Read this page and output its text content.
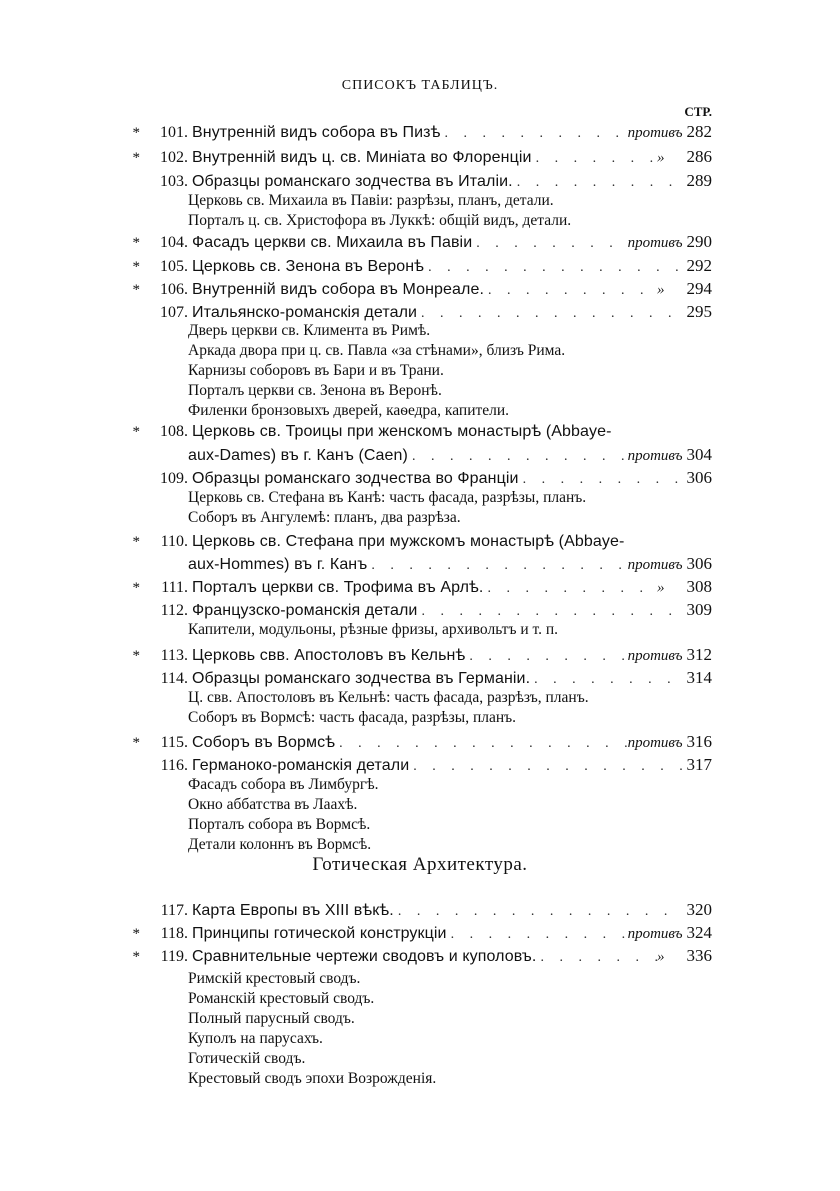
СПИСОКЪ ТАБЛИЦЪ.
СТР.
*	101. Внутренній видъ собора въ Пизѣ . . .	противъ 282
*	102. Внутренній видъ ц. св. Миніата во Флоренціи . . .	» 286
103. Образцы романскаго зодчества въ Италіи. . . .	289
Церковь св. Михаила въ Павіи: разрѣзы, планъ, детали.
Порталъ ц. св. Христофора въ Луккѣ: общій видъ, детали.
*	104. Фасадъ церкви св. Михаила въ Павіи . . .	противъ 290
*	105. Церковь св. Зенона въ Веронѣ . . .	292
*	106. Внутренній видъ собора въ Монреале. . . .	» 294
107. Итальянско-романскія детали . . .	295
Дверь церкви св. Климента въ Римѣ.
Аркада двора при ц. св. Павла «за стѣнами», близъ Рима.
Карнизы соборовъ въ Бари и въ Трани.
Порталъ церкви св. Зенона въ Веронѣ.
Филенки бронзовыхъ дверей, каѳедра, капители.
*	108. Церковь св. Троицы при женскомъ монастырѣ (Abbaye-
aux-Dames) въ г. Канъ (Caen) . . .	противъ 304
109. Образцы романскаго зодчества во Франціи . . .	306
Церковь св. Стефана въ Канѣ: часть фасада, разрѣзы, планъ.
Соборъ въ Ангулемѣ: планъ, два разрѣза.
*	110. Церковь св. Стефана при мужскомъ монастырѣ (Abbaye-
aux-Hommes) въ г. Канъ . . .	противъ 306
*	111. Порталъ церкви св. Трофима въ Арлѣ. . . .	» 308
112. Французско-романскія детали . . .	309
Капители, модульоны, рѣзные фризы, архивольтъ и т. п.
*	113. Церковь свв. Апостоловъ въ Кельнѣ . . .	противъ 312
114. Образцы романскаго зодчества въ Германіи. . . .	314
Ц. свв. Апостоловъ въ Кельнѣ: часть фасада, разрѣзъ, планъ.
Соборъ въ Вормсѣ: часть фасада, разрѣзы, планъ.
*	115. Соборъ въ Вормсѣ . . .	противъ 316
116. Германоко-романскія детали . . .	317
Фасадъ собора въ Лимбургѣ.
Окно аббатства въ Лаахѣ.
Порталъ собора въ Вормсѣ.
Детали колоннъ въ Вормсѣ.
Готическая Архитектура.
117. Карта Европы въ XIII вѣкѣ. . . .	320
*	118. Принципы готической конструкціи . . .	противъ 324
*	119. Сравнительные чертежи сводовъ и куполовъ. . . .	» 336
Римскій крестовый сводъ.
Романскій крестовый сводъ.
Полный парусный сводъ.
Куполъ на парусахъ.
Готическій сводъ.
Крестовый сводъ эпохи Возрожденія.
